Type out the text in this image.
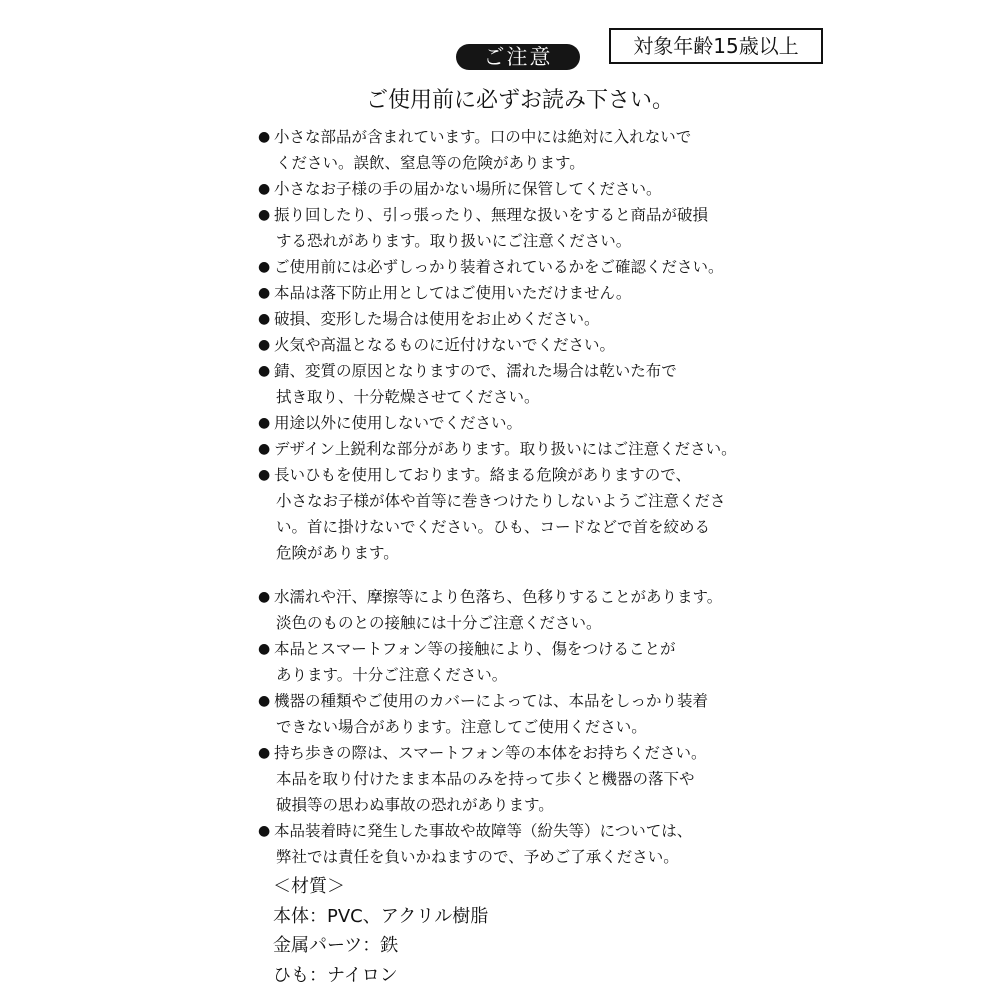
ご注意	対象年齢15歳以上
ご使用前に必ずお読み下さい。
● 小さな部品が含まれています。口の中には絶対に入れないで
ください。誤飲、窒息等の危険があります。
● 小さなお子様の手の届かない場所に保管してください。
● 振り回したり、引っ張ったり、無理な扱いをすると商品が破損
する恐れがあります。取り扱いにご注意ください。
● ご使用前には必ずしっかり装着されているかをご確認ください。
● 本品は落下防止用としてはご使用いただけません。
● 破損、変形した場合は使用をお止めください。
● 火気や高温となるものに近付けないでください。
● 錆、変質の原因となりますので、濡れた場合は乾いた布で
拭き取り、十分乾燥させてください。
● 用途以外に使用しないでください。
● デザイン上鋭利な部分があります。取り扱いにはご注意ください。
● 長いひもを使用しております。絡まる危険がありますので、
小さなお子様が体や首等に巻きつけたりしないようご注意くださ
い。首に掛けないでください。ひも、コードなどで首を絞める
危険があります。
● 水濡れや汗、摩擦等により色落ち、色移りすることがあります。
淡色のものとの接触には十分ご注意ください。
● 本品とスマートフォン等の接触により、傷をつけることが
あります。十分ご注意ください。
● 機器の種類やご使用のカバーによっては、本品をしっかり装着
できない場合があります。注意してご使用ください。
● 持ち歩きの際は、スマートフォン等の本体をお持ちください。
本品を取り付けたまま本品のみを持って歩くと機器の落下や
破損等の思わぬ事故の恐れがあります。
● 本品装着時に発生した事故や故障等（紛失等）については、
弊社では責任を負いかねますので、予めご了承ください。
＜材質＞
本体：PVC、アクリル樹脂
金属パーツ：鉄
ひも：ナイロン
